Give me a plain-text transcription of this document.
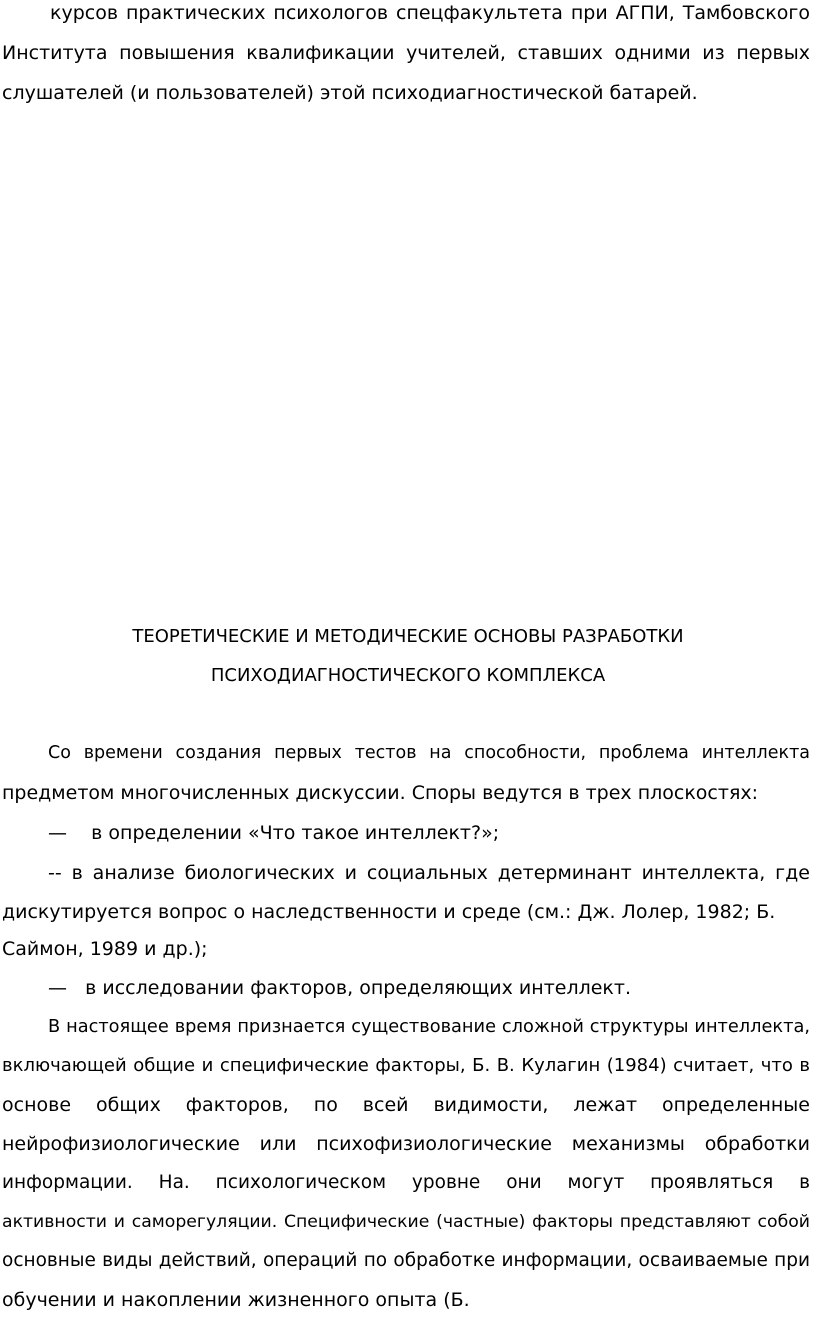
курсов практических психологов спецфакультета при АГПИ, Тамбовского
Института повышения квалификации учителей, ставших одними из первых
слушателей (и пользователей) этой психодиагностической батарей.
ТЕОРЕТИЧЕСКИЕ И МЕТОДИЧЕСКИЕ ОСНОВЫ РАЗРАБОТКИ
ПСИХОДИАГНОСТИЧЕСКОГО КОМПЛЕКСА
Со времени создания первых тестов на способности, проблема интеллекта
предметом многочисленных дискуссии. Споры ведутся в трех плоскостях:
—    в определении «Что такое интеллект?»;
-- в анализе биологических и социальных детерминант интеллекта, где
дискутируется вопрос о наследственности и среде (см.: Дж. Лолер, 1982; Б.
Саймон, 1989 и др.);
—   в исследовании факторов, определяющих интеллект.
В настоящее время признается существование сложной структуры интеллекта,
включающей общие и специфические факторы, Б. В. Кулагин (1984) считает, что в
основе общих факторов, по всей видимости, лежат определенные
нейрофизиологические или психофизиологические механизмы обработки
информации. На. психологическом уровне они могут проявляться в
активности и саморегуляции. Специфические (частные) факторы представляют собой
основные виды действий, операций по обработке информации, осваиваемые при
обучении и накоплении жизненного опыта (Б.
